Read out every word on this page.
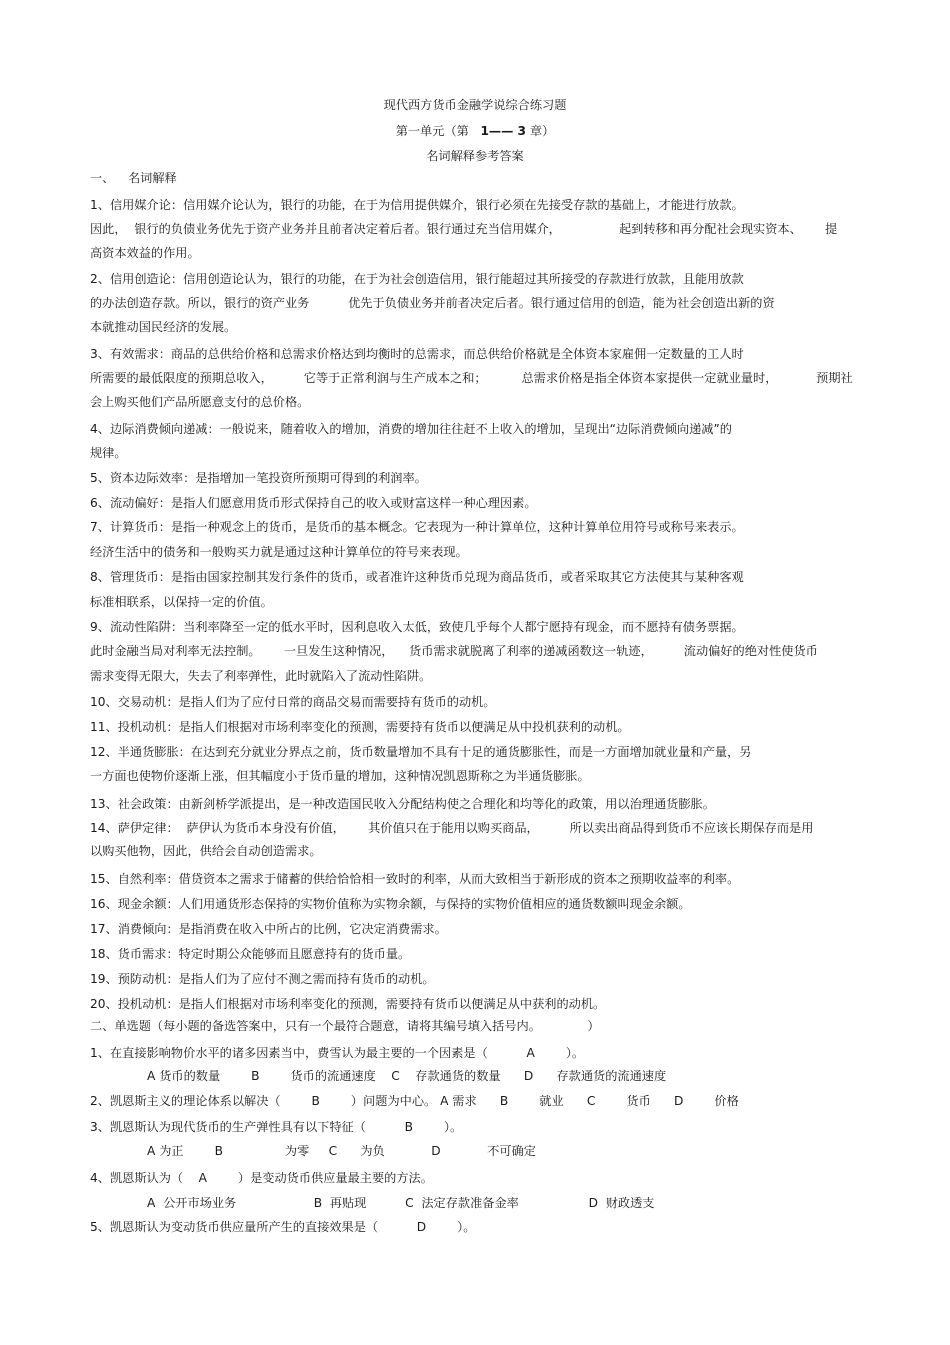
现代西方货币金融学说综合练习题
第一单元（第 1—— 3 章）
名词解释参考答案
一、 名词解释
1、信用媒介论：信用媒介论认为，银行的功能，在于为信用提供媒介，银行必须在先接受存款的基础上，才能进行放款。
因此，  银行的负债业务优先于资产业务并且前者决定着后者。银行通过充当信用媒介，               起到转移和再分配社会现实资本、      提
高资本效益的作用。
2、信用创造论：信用创造论认为，银行的功能，在于为社会创造信用，银行能超过其所接受的存款进行放款，且能用放款
的办法创造存款。所以，银行的资产业务          优先于负债业务并前者决定后者。银行通过信用的创造，能为社会创造出新的资
本就推动国民经济的发展。
3、有效需求：商品的总供给价格和总需求价格达到均衡时的总需求，而总供给价格就是全体资本家雇佣一定数量的工人时
所需要的最低限度的预期总收入，        它等于正常利润与生产成本之和；         总需求价格是指全体资本家提供一定就业量时，          预期社
会上购买他们产品所愿意支付的总价格。
4、边际消费倾向递减：一般说来，随着收入的增加，消费的增加往往赶不上收入的增加，呈现出“边际消费倾向递减”的
规律。
5、资本边际效率：是指增加一笔投资所预期可得到的利润率。
6、流动偏好：是指人们愿意用货币形式保持自己的收入或财富这样一种心理因素。
7、计算货币：是指一种观念上的货币，是货币的基本概念。它表现为一种计算单位，这种计算单位用符号或称号来表示。
经济生活中的债务和一般购买力就是通过这种计算单位的符号来表现。
8、管理货币：是指由国家控制其发行条件的货币，或者准许这种货币兑现为商品货币，或者采取其它方法使其与某种客观
标准相联系，以保持一定的价值。
9、流动性陷阱：当利率降至一定的低水平时，因利息收入太低，致使几乎每个人都宁愿持有现金，而不愿持有债务票据。
此时金融当局对利率无法控制。      一旦发生这种情况，    货币需求就脱离了利率的递减函数这一轨迹，        流动偏好的绝对性使货币
需求变得无限大，失去了利率弹性，此时就陷入了流动性陷阱。
10、交易动机：是指人们为了应付日常的商品交易而需要持有货币的动机。
11、投机动机：是指人们根据对市场利率变化的预测，需要持有货币以便满足从中投机获利的动机。
12、半通货膨胀：在达到充分就业分界点之前，货币数量增加不具有十足的通货膨胀性，而是一方面增加就业量和产量，另
一方面也使物价逐渐上涨，但其幅度小于货币量的增加，这种情况凯恩斯称之为半通货膨胀。
13、社会政策：由新剑桥学派提出，是一种改造国民收入分配结构使之合理化和均等化的政策，用以治理通货膨胀。
14、萨伊定律：  萨伊认为货币本身没有价值，      其价值只在于能用以购买商品，        所以卖出商品得到货币不应该长期保存而是用
以购买他物，因此，供给会自动创造需求。
15、自然利率：借贷资本之需求于储蓄的供给恰恰相一致时的利率，从而大致相当于新形成的资本之预期收益率的利率。
16、现金余额：人们用通货形态保持的实物价值称为实物余额，与保持的实物价值相应的通货数额叫现金余额。
17、消费倾向：是指消费在收入中所占的比例，它决定消费需求。
18、货币需求：特定时期公众能够而且愿意持有的货币量。
19、预防动机：是指人们为了应付不测之需而持有货币的动机。
20、投机动机：是指人们根据对市场利率变化的预测，需要持有货币以便满足从中获利的动机。
二、单选题（每小题的备选答案中，只有一个最符合题意，请将其编号填入括号内。            ）
1、在直接影响物价水平的诸多因素当中，费雪认为最主要的一个因素是（          A        ）。
A 货币的数量        B        货币的流通速度    C    存款通货的数量      D      存款通货的流通速度
2、凯恩斯主义的理论体系以解决（        B        ）问题为中心。 A 需求      B        就业      C        货币      D        价格
3、凯恩斯认为现代货币的生产弹性具有以下特征（          B        ）。
A 为正        B                为零     C      为负            D            不可确定
4、凯恩斯认为（    A        ）是变动货币供应量最主要的方法。
A  公开市场业务                    B  再贴现          C  法定存款准备金率                  D  财政透支
5、凯恩斯认为变动货币供应量所产生的直接效果是（          D        ）。
